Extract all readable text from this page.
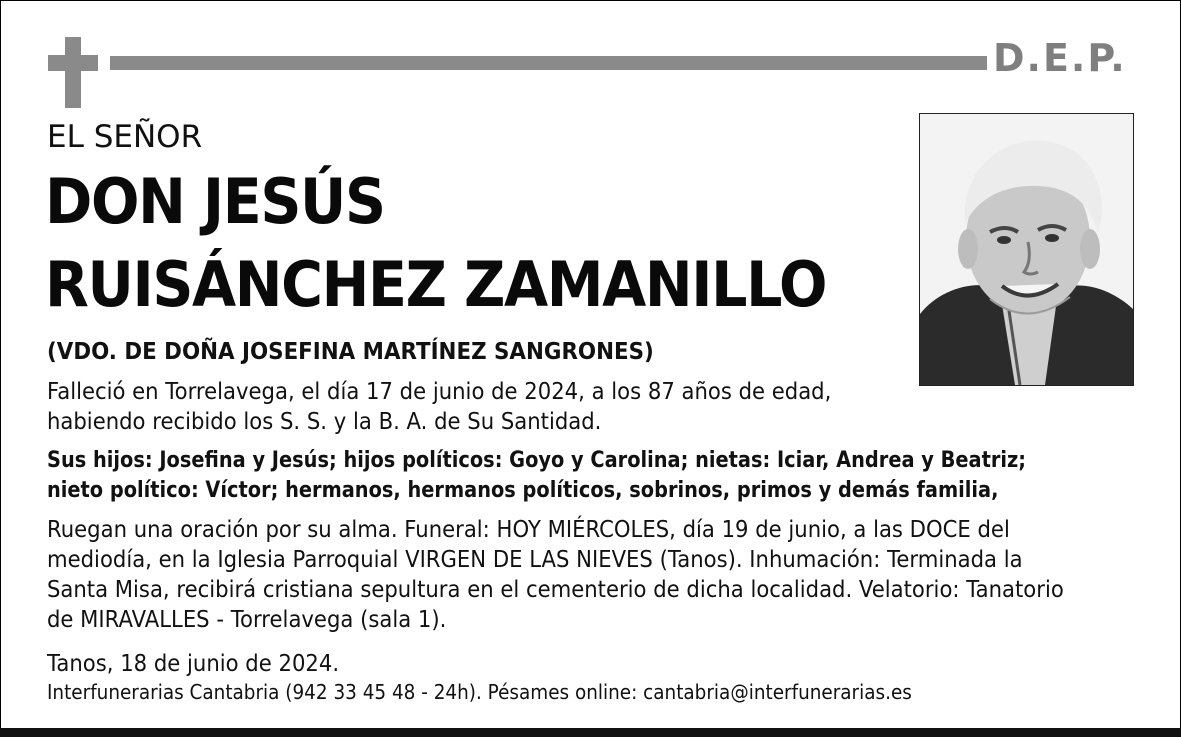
D.E.P.
EL SEÑOR
DON JESÚS
RUISÁNCHEZ ZAMANILLO
(VDO. DE DOÑA JOSEFINA MARTÍNEZ SANGRONES)
Falleció en Torrelavega, el día 17 de junio de 2024, a los 87 años de edad,
habiendo recibido los S. S. y la B. A. de Su Santidad.
Sus hijos: Josefina y Jesús; hijos políticos: Goyo y Carolina; nietas: Iciar, Andrea y Beatriz;
nieto político: Víctor; hermanos, hermanos políticos, sobrinos, primos y demás familia,
Ruegan una oración por su alma. Funeral: HOY MIÉRCOLES, día 19 de junio, a las DOCE del
mediodía, en la Iglesia Parroquial VIRGEN DE LAS NIEVES (Tanos). Inhumación: Terminada la
Santa Misa, recibirá cristiana sepultura en el cementerio de dicha localidad. Velatorio: Tanatorio
de MIRAVALLES - Torrelavega (sala 1).
Tanos, 18 de junio de 2024.
Interfunerarias Cantabria (942 33 45 48 - 24h). Pésames online: cantabria@interfunerarias.es
